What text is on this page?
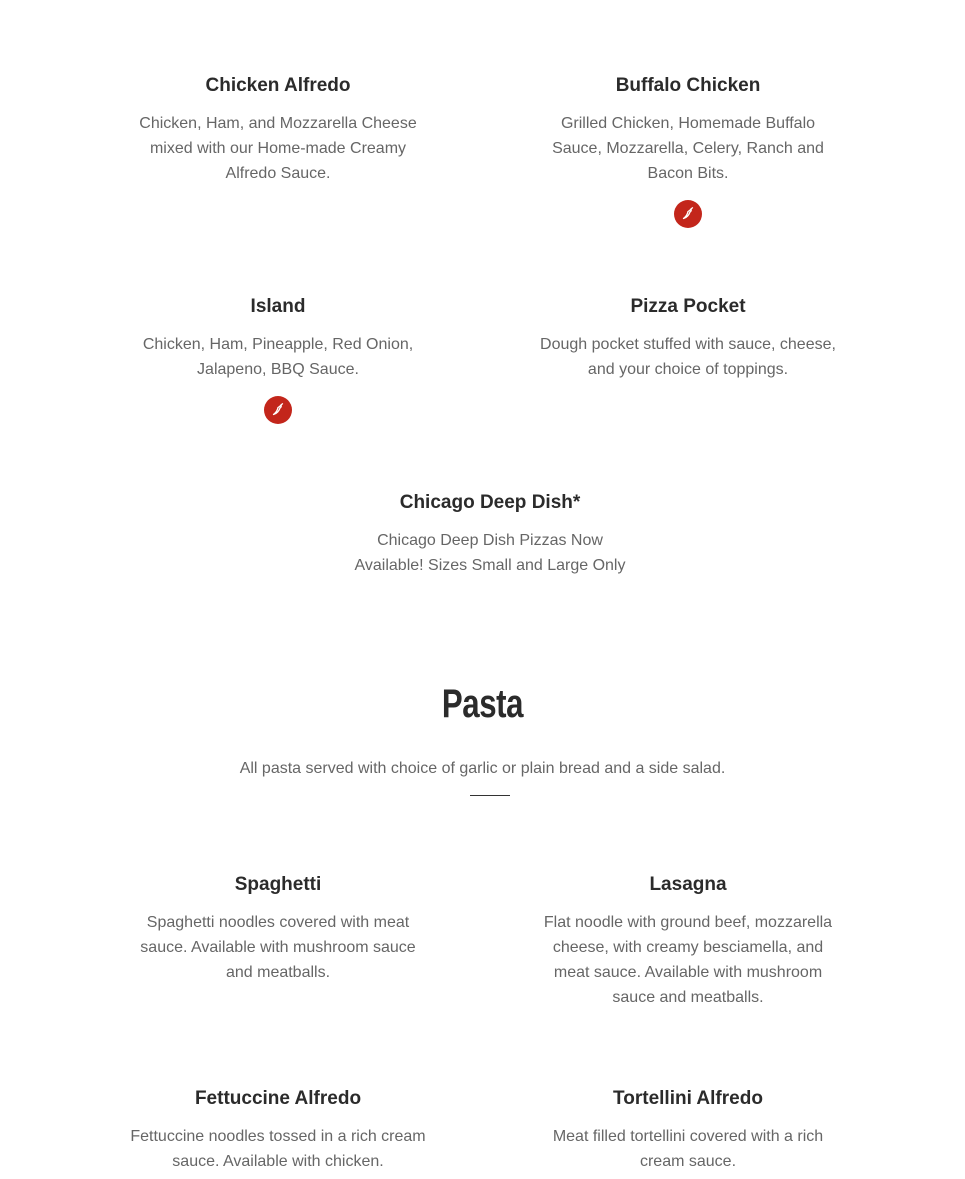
Chicken Alfredo

Chicken, Ham, and Mozzarella Cheese mixed with our Home-made Creamy Alfredo Sauce.

Buffalo Chicken

Grilled Chicken, Homemade Buffalo Sauce, Mozzarella, Celery, Ranch and Bacon Bits.

Island

Chicken, Ham, Pineapple, Red Onion, Jalapeno, BBQ Sauce.

Pizza Pocket

Dough pocket stuffed with sauce, cheese, and your choice of toppings.

Chicago Deep Dish*

Chicago Deep Dish Pizzas Now Available! Sizes Small and Large Only

Pasta

All pasta served with choice of garlic or plain bread and a side salad.

Spaghetti

Spaghetti noodles covered with meat sauce. Available with mushroom sauce and meatballs.

Lasagna

Flat noodle with ground beef, mozzarella cheese, with creamy besciamella, and meat sauce. Available with mushroom sauce and meatballs.

Fettuccine Alfredo

Fettuccine noodles tossed in a rich cream sauce. Available with chicken.

Tortellini Alfredo

Meat filled tortellini covered with a rich cream sauce.
